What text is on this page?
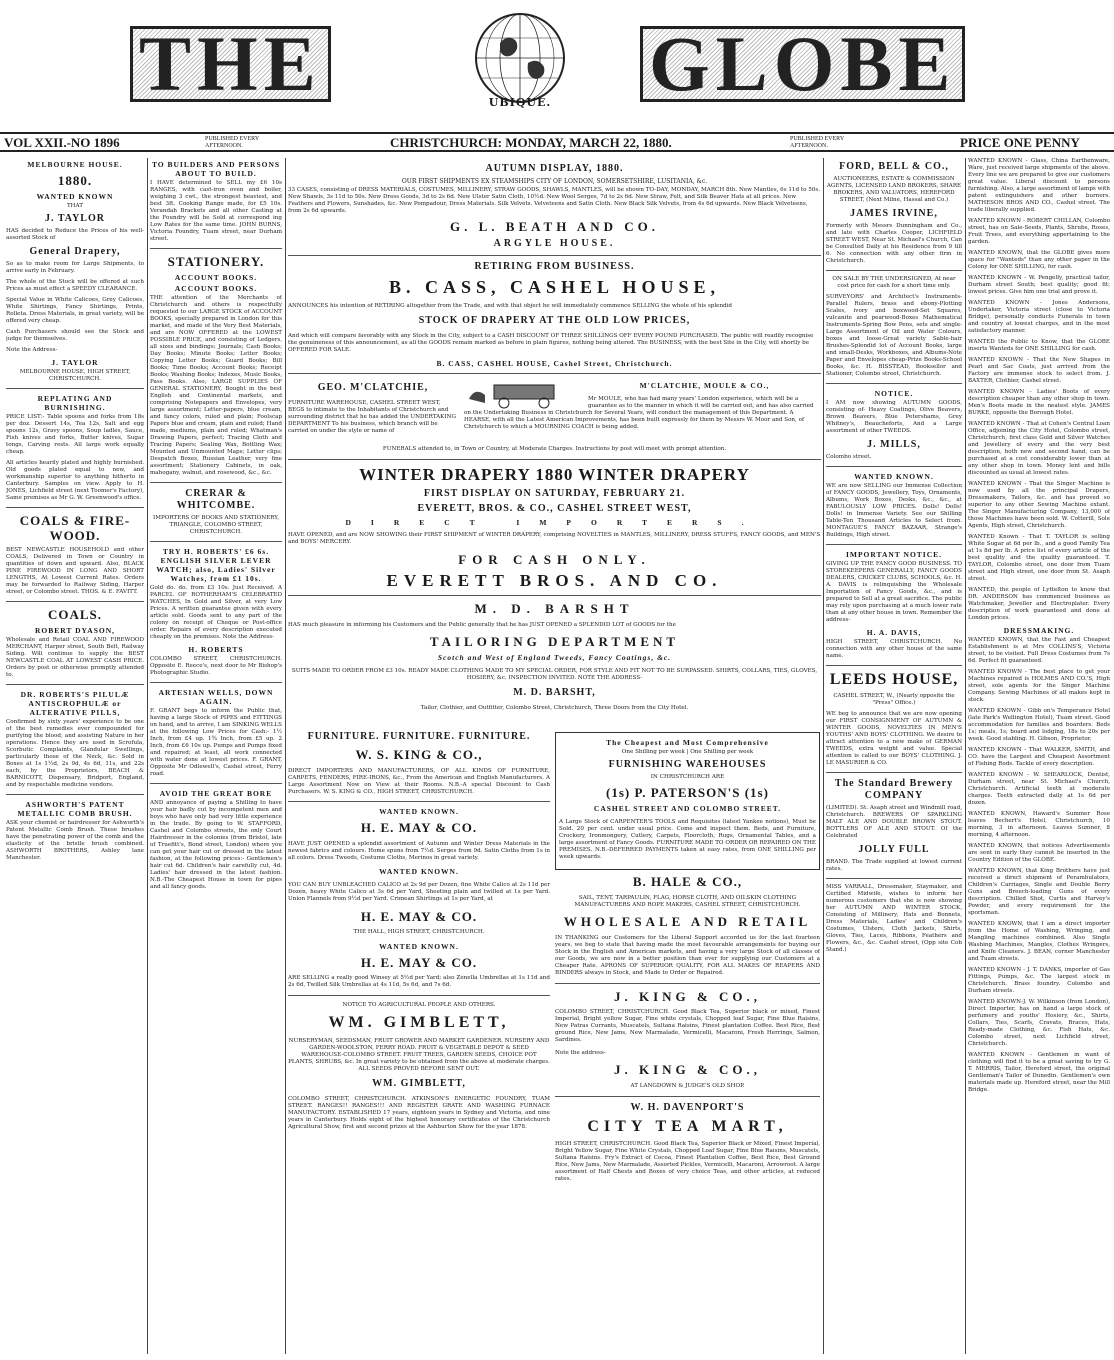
THE	UBIQUE. GLOBE
VOL XXII.-NO 1896	PUBLISHED EVERY AFTERNOON.	CHRISTCHURCH: MONDAY, MARCH 22, 1880.	PUBLISHED EVERY AFTERNOON.	PRICE ONE PENNY
MELBOURNE HOUSE.
1880.
WANTED KNOWN
THAT
J. TAYLOR

HAS decided to Reduce the Prices of his well-assorted Stock of

General Drapery,

So as to make room for Large Shipments, to arrive early in February.

The whole of the Stock will be offered at such Prices as must effect a SPEEDY CLEARANCE.

Special Value in White Calicoes, Grey Calicoes, White Shirtings, Fancy Shirtings, Prints, Rolleta. Dress Materials, in great variety, will be offered very cheap.

Cash Purchasers should see the Stock and judge for themselves.

Note the Address-

J. TAYLOR

MELBOURNE HOUSE, HIGH STREET, CHRISTCHURCH.

REPLATING AND BURNISHING.

PRICE LIST:- Table spoons and forks from 18s per doz. Dessert 14s, Tea 12s, Salt and egg spoons 12s, Gravy spoons, Soup ladles, Sauce, Fish knives and forks, Butter knives, Sugar tongs, Carving rests. All large work equally cheap.

All articles hearily plated and highly burnished. Old goods plated equal to new, and workmanship superior to anything hitherto in Canterbury. Samples on view. Apply to H. JONES, Lichfield street (next Toomer's Factory), Same premises as Mr G. W. Greenwood's office.

COALS & FIRE-WOOD.

BEST NEWCASTLE HOUSEHOLD and other COALS, Delivered in Town or Country in quantities of down and upward. Also, BLACK PINE FIREWOOD IN LONG AND SHORT LENGTHS, At Lowest Current Rates. Orders may be forwarded to Railway Siding, Harper street, or Colombo street. THOS. & E. FAVITT.

COALS.
ROBERT DYASON,

Wholesale and Retail COAL AND FIREWOOD MERCHANT, Harper street, South Belt, Railway Siding. Will continue to supply the BEST NEWCASTLE COAL AT LOWEST CASH PRICE. Orders by post or otherwise promptly attended to.

DR. ROBERTS'S PILULÆ ANTISCROPHULÆ or ALTERATIVE PILLS,

Confirmed by sixty years' experience to be one of the best remedies ever compounded for purifying the blood, and assisting Nature in her operations. Hence they are used in Scrofula, Scorbutic Complaints, Glandular Swellings, particularly those of the Neck, &c. Sold in Boxes at 1s 1½d, 2s 9d, 4s 6d, 11s, and 22s each, by the Proprietors, BEACH & BARNICOTT, Dispensary, Bridport, England, and by respectable medicine vendors.

ASHWORTH'S PATENT METALLIC COMB BRUSH.

ASK your chemist or hairdresser for Ashworth's Patent Metallic Comb Brush. These brushes have the penetrating power of the comb and the elasticity of the bristle brush combined. ASHWORTH BROTHERS, Ashley lane Manchester.

TO BUILDERS AND PERSONS ABOUT TO BUILD.

I HAVE determined to SELL my £6 10s RANGES, with cast-iron oven and boiler, weighing 3 cwt., the strongest heaviest, and best 3ft. Cooking Range made, for £5 10s. Verandah Brackets and all other Casting at the Foundry will be Sold at correspond ing Low Rates for the same time. JOHN BURNS, Victoria Foundry, Tuam street, near Durham street.

STATIONERY.
ACCOUNT BOOKS.
ACCOUNT BOOKS.

THE attention of the Merchants of Christchurch and others is respectfully requested to our LARGE STOCK of ACCOUNT BOOKS, specially prepared in London for this market, and made of the Very Best Materials, and are NOW OFFERED at the LOWEST POSSIBLE PRICE, and consisting of Ledgers, all sizes and bindings; Journals; Cash Books; Day Books; Minute Books; Letter Books; Copying Letter Books; Guard Books; Bill Books; Time Books; Account Books; Receipt Books; Washing Books; Indexes, Music Books, Pass Books. Also, LARGE SUPPLIES OF GENERAL STATIONERY, Bought in the best English and Continental markets, and comprising Notepapers and Envelopes, very large assortment; Letter-papers, blue cream, and fancy colors, ruled and plain; Foolscap Papers blue and cream, plain and ruled; Hand made, mediums, plain and ruled; Whatman's Drawing Papers, perfect; Tracing Cloth and Tracing Papers; Sealing Wax, Bottling Wax; Mounted and Unmounted Maps; Letter clips; Despatch Boxes, Russian Leather, very fine assortment; Stationery Cabinets, in oak, mahogany, walnut, and rosewood, &c., &c.

CRERAR & WHITCOMBE.

IMPORTERS OF BOOKS AND STATIONERY, TRIANGLE, COLOMBO STREET, CHRISTCHURCH.

TRY H. ROBERTS' £6 6s. ENGLISH SILVER LEVER WATCH; also, Ladies' Silver Watches, from £1 10s.

Gold do. do. from £3 10s. Just Received. A PARCEL OF ROTHERHAM'S CELEBRATED WATCHES, In Gold and Silver, at very Low Prices. A written guarantee given with every article sold. Goods sent to any part of the colony on receipt of Cheque or Post-office order. Repairs of every description executed cheaply on the premises. Note the Address-

H. ROBERTS

COLOMBO STREET, CHRISTCHURCH. Opposite E. Reece's, next door to Mr Bishop's Photographic Studio.

ARTESIAN WELLS, DOWN AGAIN.

F. GRANT begs to inform the Public that, having a large Stock of PIPES and FITTINGS on hand, and to arrive, I am SINKING WELLS at the following Low Prices for Cash:- 1½ Inch, from £4 up. 1¾ Inch, from £5 up. 2 Inch, from £6 10s up. Pumps and Pumps fixed and repaired; at least, all work connected with water done at lowest prices. F. GRANT, Opposite Mr Odlewell's, Cashel street, Ferry road.

AVOID THE GREAT BORE

AND annoyance of paying a Shilling to have your hair badly cut by incompetent men and boys who have only had very little experience in the trade. By going to W. STAFFORD, Cashel and Colombo streets, the only Court Hairdresser in the colonies (from Bristol, late of Truefitt's, Bond street, London) where you can get your hair cut or dressed in the latest fashion, at the following prices:- Gentlemen's hair cut 6d. Children's hair carefully cut, 4d. Ladies' hair dressed in the latest fashion. N.B.-The Cheapest House in town for pipes and all fancy goods.

AUTUMN DISPLAY, 1880.
OUR FIRST SHIPMENTS EX STEAMSHIPS CITY OF LONDON, SOMERSETSHIRE, LUSITANIA, &c.

33 CASES, consisting of DRESS MATERIALS, COSTUMES, MILLINERY, STRAW GOODS, SHAWLS, MANTLES, will be shown TO-DAY, MONDAY, MARCH 8th. New Mantles, 6s 11d to 50s. New Shawls, 3s 11d to 50s. New Dress Goods, 3d to 2s 6d. New Ulster Satin Cloth, 10½d. New Wool Serges, 7d to 2s 6d. New Straw, Felt, and Silk Beaver Hats at all prices. New Feathers and Flowers, Sunshades, &c. New Pompadour, Dress Materials. Silk Velvets. Velveteens and Satin Cloth. New Black Silk Velvets, from 4s 6d upwards. New Black Velveteens, from 2s 6d upwards.

G. L. BEATH AND CO.
ARGYLE HOUSE.
RETIRING FROM BUSINESS.
B. CASS, CASHEL HOUSE,

ANNOUNCES his intention of RETIRING altogether from the Trade, and with that object he will immediately commence SELLING the whole of his splendid

STOCK OF DRAPERY AT THE OLD LOW PRICES,

And which will compare favorably with any Stock in the City, subject to a CASH DISCOUNT OF THREE SHILLINGS OFF EVERY POUND PURCHASED. The public will readily recognise the genuineness of this announcement, as all the GOODS remain marked as before in plain figures, nothing being altered. The BUSINESS, with the best Site in the City, will shortly be OFFERED FOR SALE.

B. CASS, CASHEL HOUSE, Cashel Street, Christchurch.
GEO. M'CLATCHIE,

FURNITURE WAREHOUSE, CASHEL STREET WEST, BEGS to intimate to the Inhabitants of Christchurch and surrounding district that he has added the UNDERTAKING DEPARTMENT To his business, which branch will be carried on under the style or name of

M'CLATCHIE, MOULE & CO.,

Mr MOULE, who has had many years' London experience, which will be a guarantee as to the manner in which it will be carried out, and has also carried on the Undertaking Business in Christchurch for Several Years, will conduct the management of this Department. A HEARSE, with all the Latest American Improvements, has been built expressly for them by Messrs W. Moor and Son, of Christchurch to which a MOURNING COACH is being added.

FUNERALS attended to, in Town or Country, at Moderate Charges. Instructions by post will meet with prompt attention.

WINTER DRAPERY 1880 WINTER DRAPERY
FIRST DISPLAY ON SATURDAY, FEBRUARY 21.
EVERETT, BROS. & CO., CASHEL STREET WEST,
DIRECT IMPORTERS.

HAVE OPENED, and are NOW SHOWING their FIRST SHIPMENT of WINTER DRAPERY, comprising NOVELTIES in MANTLES, MILLINERY, DRESS STUFFS, FANCY GOODS, and MEN'S and BOYS' MERCERY.

FOR CASH ONLY.
EVERETT BROS. AND CO.
M. D. BARSHT

HAS much pleasure in informing his Customers and the Public generally that he has JUST OPENED a SPLENDID LOT of GOODS for the

TAILORING DEPARTMENT
Scotch and West of England Tweeds, Fancy Coatings, &c.

SUITS MADE TO ORDER FROM £3 10s. READY MADE CLOTHING MADE TO MY SPECIAL ORDER, FOR STYLE AND FIT NOT TO BE SURPASSED. SHIRTS, COLLARS, TIES, GLOVES, HOSIERY, &c. INSPECTION INVITED. NOTE THE ADDRESS-

M. D. BARSHT,

Tailor, Clothier, and Outfitter, Colombo Street, Christchurch, Three Doors from the City Hotel.

FURNITURE. FURNITURE. FURNITURE.
W. S. KING & CO.,

DIRECT IMPORTERS AND MANUFACTURERS, OF ALL KINDS OF FURNITURE, CARPETS, FENDERS, FIRE-IRONS, &c., From the American and English Manufacturers. A Large Assortment Now on View at their Rooms. N.B.-A special Discount to Cash Purchasers. W. S. KING & CO., HIGH STREET, CHRISTCHURCH.

WANTED KNOWN.
H. E. MAY & CO.

HAVE JUST OPENED a splendid assortment of Autumn and Winter Dress Materials in the newest fabrics and colours. Home spuns from 7½d. Serges from 9d. Satin Cloths from 1s in all colors. Dress Tweeds, Costume Cloths, Merinos in great variety.

WANTED KNOWN.

YOU CAN BUY UNBLEACHED CALICO at 2s 9d per Dozen, fine White Calico at 2s 11d per Dozen, heavy White Calico at 3s 6d per Yard, Sheeting plain and twilled at 1s per Yard. Union Flannels from 9½d per Yard. Crimean Shirtings at 1s per Yard, at

H. E. MAY & CO.

THE HALL, HIGH STREET, CHRISTCHURCH.

WANTED KNOWN.
H. E. MAY & CO.

ARE SELLING a really good Winsey at 5½d per Yard; also Zenella Umbrellas at 1s 11d and 2s 6d, Twilled Silk Umbrellas at 4s 11d, 5s 6d, and 7s 6d.

NOTICE TO AGRICULTURAL PEOPLE AND OTHERS.

WM. GIMBLETT,

NURSERYMAN, SEEDSMAN, FRUIT GROWER AND MARKET GARDENER. NURSERY AND GARDEN-WOOLSTON, FERRY ROAD. FRUIT & VEGETABLE DEPOT & SEED WAREHOUSE-COLOMBO STREET. FRUIT TREES, GARDEN SEEDS, CHOICE POT PLANTS, SHRUBS, &c. In great variety to be obtained from the above at moderate charges. ALL SEEDS PROVED BEFORE SENT OUT.

WM. GIMBLETT,

COLOMBO STREET, CHRISTCHURCH. ATKINSON'S ENERGETIC FOUNDRY, TUAM STREET. RANGES!! RANGES!!! AND REGISTER GRATE AND WASHING FURNACE MANUFACTORY. ESTABLISHED 17 years, eighteen years in Sydney and Victoria, and nine years in Canterbury. Holds eight of the highest honorary certificates of the Christchurch Agricultural Show, first and second prizes at the Ashburton Show for the year 1878.

The Cheapest and Most Comprehensive
One Shilling per week | One Shilling per week
FURNISHING WAREHOUSES
IN CHRISTCHURCH ARE
(1s) P. PATERSON'S (1s)
CASHEL STREET AND COLOMBO STREET.

A Large Stock of CARPENTER'S TOOLS and Requisites (latest Yankee notions), Must be Sold. 20 per cent. under usual price. Come and inspect them. Beds, and Furniture, Crockery, Ironmongery, Cutlery, Carpets, Floorcloth, Rugs, Ornamental Tables, and a large assortment of Fancy Goods. FURNITURE MADE TO ORDER OR REPAIRED ON THE PREMISES. N.B.-DEFERRED PAYMENTS taken at easy rates, from ONE SHILLING per week upwards.

B. HALE & CO.,

SAIL, TENT, TARPAULIN, FLAG, HORSE CLOTH, AND OILSKIN CLOTHING MANUFACTURERS AND ROPE MAKERS, CASHEL STREET, CHRISTCHURCH.

WHOLESALE AND RETAIL

IN THANKING our Customers for the Liberal Support accorded us for the last fourteen years, we beg to state that having made the most favourable arrangements for buying our Stock in the English and American markets, and having a very large Stock of all classes of our Goods, we are now in a better position than ever for supplying our Customers at a Cheaper Rate. APRONS OF SUPERIOR QUALITY, FOR ALL MAKES OF REAPERS AND BINDERS always in Stock, and Made to Order or Repaired.

J. KING & CO.,

COLOMBO STREET, CHRISTCHURCH. Good Black Tea, Superior black or mixed, Finest Imperial, Bright yellow Sugar, Fine white crystals, Chopped loaf Sugar, Fine Blue Raisins, New Patras Currants, Muscatels, Sultana Raisins, Finest plantation Coffee. Best Rice, Best ground Rice, New Jams, New Marmalade, Vermicelli, Macaroni, Fresh Herrings, Salmon, Sardines.

Note the address-

J. KING & CO.,

AT LANGDOWN & JUDGE'S OLD SHOP.

W. H. DAVENPORT'S
CITY TEA MART,

HIGH STREET, CHRISTCHURCH. Good Black Tea, Superior Black or Mixed, Finest Imperial, Bright Yellow Sugar, Fine White Crystals, Chopped Loaf Sugar, Fine Blue Raisins, Muscatels, Sultana Raisins. Fry's Extract of Cocoa, Finest Plantation Coffee, Best Rice, Best Ground Rice, New Jams, New Marmalade, Assorted Pickles, Vermicelli, Macaroni, Arrowroot. A large assortment of Half Chests and Boxes of very choice Teas, and other articles, at reduced rates.

FORD, BELL & CO.,

AUCTIONEERS, ESTATE & COMMISSION AGENTS, LICENSED LAND BROKERS, SHARE BROKERS, AND VALUATORS, HEREFORD STREET, (Next Milne, Hassal and Co.)

JAMES IRVINE,

Formerly with Messrs Dunningham and Co., and late with Charles Cooper, LICHFIELD STREET WEST, Near St. Michael's Church, Can be Consulted Daily at his Residence from 9 till 6. No connection with any other firm in Christchurch.

ON SALE BY THE UNDERSIGNED, At near cost price for cash for a short time only.

SURVEYORS' and Architect's Instruments-Parallel Rulers, brass and ebony-Plotting Scales, ivory and boxwood-Set Squares, vulcanite and pearwood-Boxes Mathematical Instruments-Spring Bow Pens, sets and single-Large Assortment of Oil and Water Colours, boxes and loose-Great variety Sable-hair Brushes-Splendid lot of Account Books, large and small-Desks, Workboxes, and Albums-Note Paper and Envelopes cheap-Prize Books-School Books, &c. H. BISSTEAD, Booksellor and Stationer, Colombo street, Christchurch.

NOTICE.

I AM now showing AUTUMN GOODS, consisting of- Heavy Coatings, Olive Beavers, Brown Beavers, Blue Petershams, Grey Whitney's, Beaucheforts, And a Large assortment of other TWEEDS.

J. MILLS,

Colombo street.

WANTED KNOWN.

WE are now SELLING our Immense Collection of FANCY GOODS, Jewellery, Toys, Ornaments, Albums, Work Boxes, Desks, &c., &c., at FABULOUSLY LOW PRICES. Dolls! Dolls! Dolls! in Immense Variety. See our Shilling Table-Ten Thousand Articles to Select from. MONTAGUE'S FANCY BAZAAR, Strange's Buildings, High street.

IMPORTANT NOTICE.

GIVING UP THE FANCY GOOD BUSINESS. TO STOREKEEPERS GENERALLY, FANCY GOODS DEALERS, CRICKET CLUBS, SCHOOLS, &c. H. A. DAVIS is relinquishing the Wholesale Importation of Fancy Goods, &c., and is prepared to Sell at a great sacrifice. The public may rely upon purchasing at a much lower rate than at any other house in town. Remember the address-

H. A. DAVIS,

HIGH STREET, CHRISTCHURCH. No connection with any other house of the same name.

LEEDS HOUSE,

CASHEL STREET, W., (Nearly opposite the "Press" Office.)

WE beg to announce that we are now opening our FIRST CONSIGNMENT OF AUTUMN & WINTER GOODS, NOVELTIES IN MEN'S YOUTHS' AND BOYS' CLOTHING. We desire to attract attention to a new make of GERMAN TWEEDS, extra weight and value. Special attention is called to our BOYS' CLOTHING. J. LE MASURIER & CO.

The Standard Brewery COMPANY

(LIMITED). St. Asaph street and Windmill road, Christchurch. BREWERS OF SPARKLING MALT ALE AND DOUBLE BROWN STOUT. BOTTLERS OF ALE AND STOUT. Of the Celebrated

JOLLY FULL

BRAND. The Trade supplied at lowest current rates.

MISS VARRALL, Dressmaker, Staymaker, and Certified Midwife, wishes to inform her numerous customers that she is now showing her AUTUMN AND WINTER STOCK, Consisting of Millinery, Hats and Bonnets, Dress Materials, Ladies' and Children's Costumes, Ulsters, Cloth Jackets, Shirts, Gloves, Ties, Laces, Ribbons, Feathers and Flowers, &c., &c. Cashel street, (Opp site Cob Stand.)

WANTED KNOWN - Glass, China Earthenware, Ware, just received large shipments of the above. Every line we are prepared to give our customers great value. Liberal discount to persons furnishing. Also, a large assortment of lamps with patent extinguishers and other burners. MATHESON BROS AND CO., Cashel street. The trade liberally supplied.

WANTED KNOWN - ROBERT CHILLAN, Colombo street, has on Sale-Seeds, Plants, Shrubs, Roses, Fruit Trees, and everything appertaining to the garden.

WANTED KNOWN, that the GLOBE gives more space for "Wanteds" than any other paper in the Colony for ONE SHILLING, for cash.

WANTED KNOWN - W. Pengelly, practical tailor, Durham street South; best quality; good fit; lowest prices. Give him one trial and prove it.

WANTED KNOWN - Jones Andersons, Undertaker, Victoria street (close to Victoria Bridge), personally conducts Funerals in town and country at lowest charges, and in the most satisfactory manner.

WANTED the Public to Know, that the GLOBE inserts Wanteds for ONE SHILLING for cash.

WANTED KNOWN - That the New Shapes in Pearl and Sac Coats, just arrived from the Factory are immense stock to select from. J. BAXTER, Clothier, Cashel street.

WANTED KNOWN - Ladies' Boots of every description cheaper than any other shop in town. Men's Boots made in the neatest style. JAMES BURKE, opposite the Borough Hotel.

WANTED KNOWN - That at Cohen's Central Loan Office, adjoining the City Hotel, Colombo street, Christchurch, first class Gold and Silver Watches and Jewellery of every and the very best description, both new and second hand, can be purchased at a cost considerably lower than at any other shop in town. Money lent and bills discounted as usual at lowest rates.

WANTED KNOWN - That the Singer Machine is now used by all the principal Drapers, Dressmakers, Tailors, &c. and has proved so superior to any other Sewing Machine extant. The Singer Manufacturing Company, 13,000 of those Machines have been sold. W. Cotterill, Sole Agents, High street, Christchurch.

WANTED Known - That T. TAYLOR is selling White Sugar at 6d per lb., and a good Family Tea at 1s 8d per lb. A price list of every article of the best quality and the quality guaranteed. T. TAYLOR, Colombo street, one door from Tuam street and High street, one door from St. Asaph street.

WANTED, the people of Lyttelton to know that DR. ANDERSON has commenced business as Watchmaker, Jeweller and Electroplater. Every description of work guaranteed and done at London prices.

DRESSMAKING.

WANTED KNOWN, that the Fast and Cheapest Establishment is at Mrs COLLINS'S, Victoria street, to be visited. Full Dress Costumes from 7s 6d. Perfect fit guaranteed.

WANTED KNOWN - The best place to get your Machines repaired is HOLMES AND CO.'S, High street, sole agents for the Singer Machine Company. Sewing Machines of all makes kept in stock.

WANTED KNOWN - Gibb on's Temperance Hotel (late Park's Wellington Hotel), Tuam street. Good accommodation for families and boarders. Beds 1s; meals, 1s; board and lodging, 18s to 20s per week. Good stabling. H. Gibson, Proprietor.

WANTED KNOWN - That WALKER, SMITH, and CO. have the Largest and Cheapest Assortment of Fishing Rods. Tackle of every description.

WANTED KNOWN - W. SHEARLOCK, Dentist, Durham street, near St. Michael's Church, Christchurch. Artificial teeth at moderate charges. Teeth extracted daily at 1s 6d per dozen.

WANTED KNOWN, Haward's Summer Rose leaves Bechert's Hotel, Christchurch, 10 morning, 3 in afternoon. Leaves Sumner, 8 morning, 4 afternoon.

WANTED KNOWN, that notices Advertisements are sent in early they cannot be inserted in the Country Edition of the GLOBE.

WANTED KNOWN, that King Brothers have just received a direct shipment of Perambulators, Children's Carriages, Single and Double Berry Guns and Breech-loading Guns of every description. Chilled Shot, Curtis and Harvey's Powder, and every requirement for the sportsman.

WANTED KNOWN, that I am a direct importer from the Home of Washing, Wringing, and Mangling machines combined. Also Single Washing Machines, Mangles, Clothes Wringers, and Knife Cleaners. J. BEAN, corner Manchester and Tuam streets.

WANTED KNOWN - J. T. DANKS, importer of Gas Fittings, Pumps, &c. The largest stock in Christchurch. Brass foundry. Colombo and Durham streets.

WANTED KNOWN-J. W. Wilkinson (from London), Direct Importer, has on hand a large stock of perfumery and youths' Hosiery, &c., Shirts, Collars, Ties, Scarfs, Cravats, Braces, Hats, Ready-made Clothing, &c. Fish Hats, &c. Colombo street, next Lichfield street, Christchurch.

WANTED KNOWN - Gentlemen in want of clothing will find it to be a great saving to try G. T. MERRIS, Tailor, Hereford street, the original Gentleman's Tailor of Dunedin. Gentlemen's own materials made up. Hereford street, near the Mill Bridge.
